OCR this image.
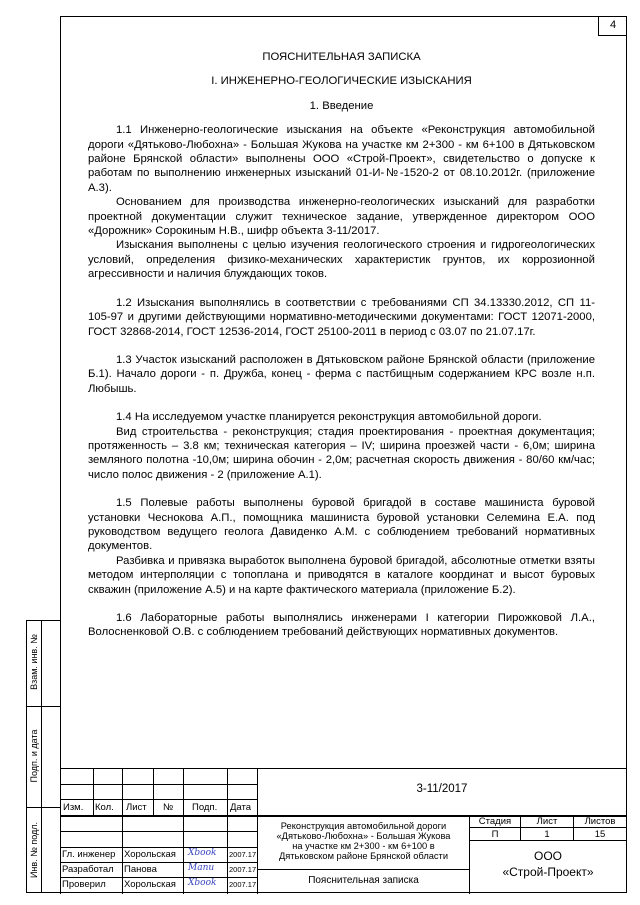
4
ПОЯСНИТЕЛЬНАЯ ЗАПИСКА
I. ИНЖЕНЕРНО-ГЕОЛОГИЧЕСКИЕ ИЗЫСКАНИЯ
1. Введение

1.1 Инженерно-геологические изыскания на объекте «Реконструкция автомобильной дороги «Дятьково-Любохна» - Большая Жукова на участке км 2+300 - км 6+100 в Дятьковском районе Брянской области» выполнены ООО «Строй-Проект», свидетельство о допуске к работам по выполнению инженерных изысканий 01-И-№-1520-2 от 08.10.2012г. (приложение А.3).

Основанием для производства инженерно-геологических изысканий для разработки проектной документации служит техническое задание, утвержденное директором ООО «Дорожник» Сорокиным Н.В., шифр объекта 3-11/2017.

Изыскания выполнены с целью изучения геологического строения и гидрогеологических условий, определения физико-механических характеристик грунтов, их коррозионной агрессивности и наличия блуждающих токов.

1.2 Изыскания выполнялись в соответствии с требованиями СП 34.13330.2012, СП 11-105-97 и другими действующими нормативно-методическими документами: ГОСТ 12071-2000, ГОСТ 32868-2014, ГОСТ 12536-2014, ГОСТ 25100-2011 в период с 03.07 по 21.07.17г.

1.3 Участок изысканий расположен в Дятьковском районе Брянской области (приложение Б.1). Начало дороги - п. Дружба, конец - ферма с пастбищным содержанием КРС возле н.п. Любышь.

1.4 На исследуемом участке планируется реконструкция автомобильной дороги.

Вид строительства - реконструкция; стадия проектирования - проектная документация; протяженность – 3.8 км; техническая категория – IV; ширина проезжей части - 6,0м; ширина земляного полотна -10,0м; ширина обочин - 2,0м; расчетная скорость движения - 80/60 км/час; число полос движения - 2 (приложение А.1).

1.5 Полевые работы выполнены буровой бригадой в составе машиниста буровой установки Чеснокова А.П., помощника машиниста буровой установки Селемина Е.А. под руководством ведущего геолога Давиденко А.М. с соблюдением требований нормативных документов.

Разбивка и привязка выработок выполнена буровой бригадой, абсолютные отметки взяты методом интерполяции с топоплана и приводятся в каталоге координат и высот буровых скважин (приложение А.5) и на карте фактического материала (приложение Б.2).

1.6 Лабораторные работы выполнялись инженерами I категории Пирожковой Л.А., Волосненковой О.В. с соблюдением требований действующих нормативных документов.

Взам. инв. №
Подп. и дата
Инв. № подл.
Изм. Кол. Лист № Подп. Дата
Гл. инженер Хорольская Xbook 2007.17
Разработал Панова	Manu 2007.17
Проверил Хорольская Xbook 2007.17
3-11/2017
Реконструкция автомобильной дороги
«Дятьково-Любохна» - Большая Жукова
на участке км 2+300 - км 6+100 в
Дятьковском районе Брянской области
Пояснительная записка
Стадия	Лист	Листов
П	1	15
ООО
«Строй-Проект»
